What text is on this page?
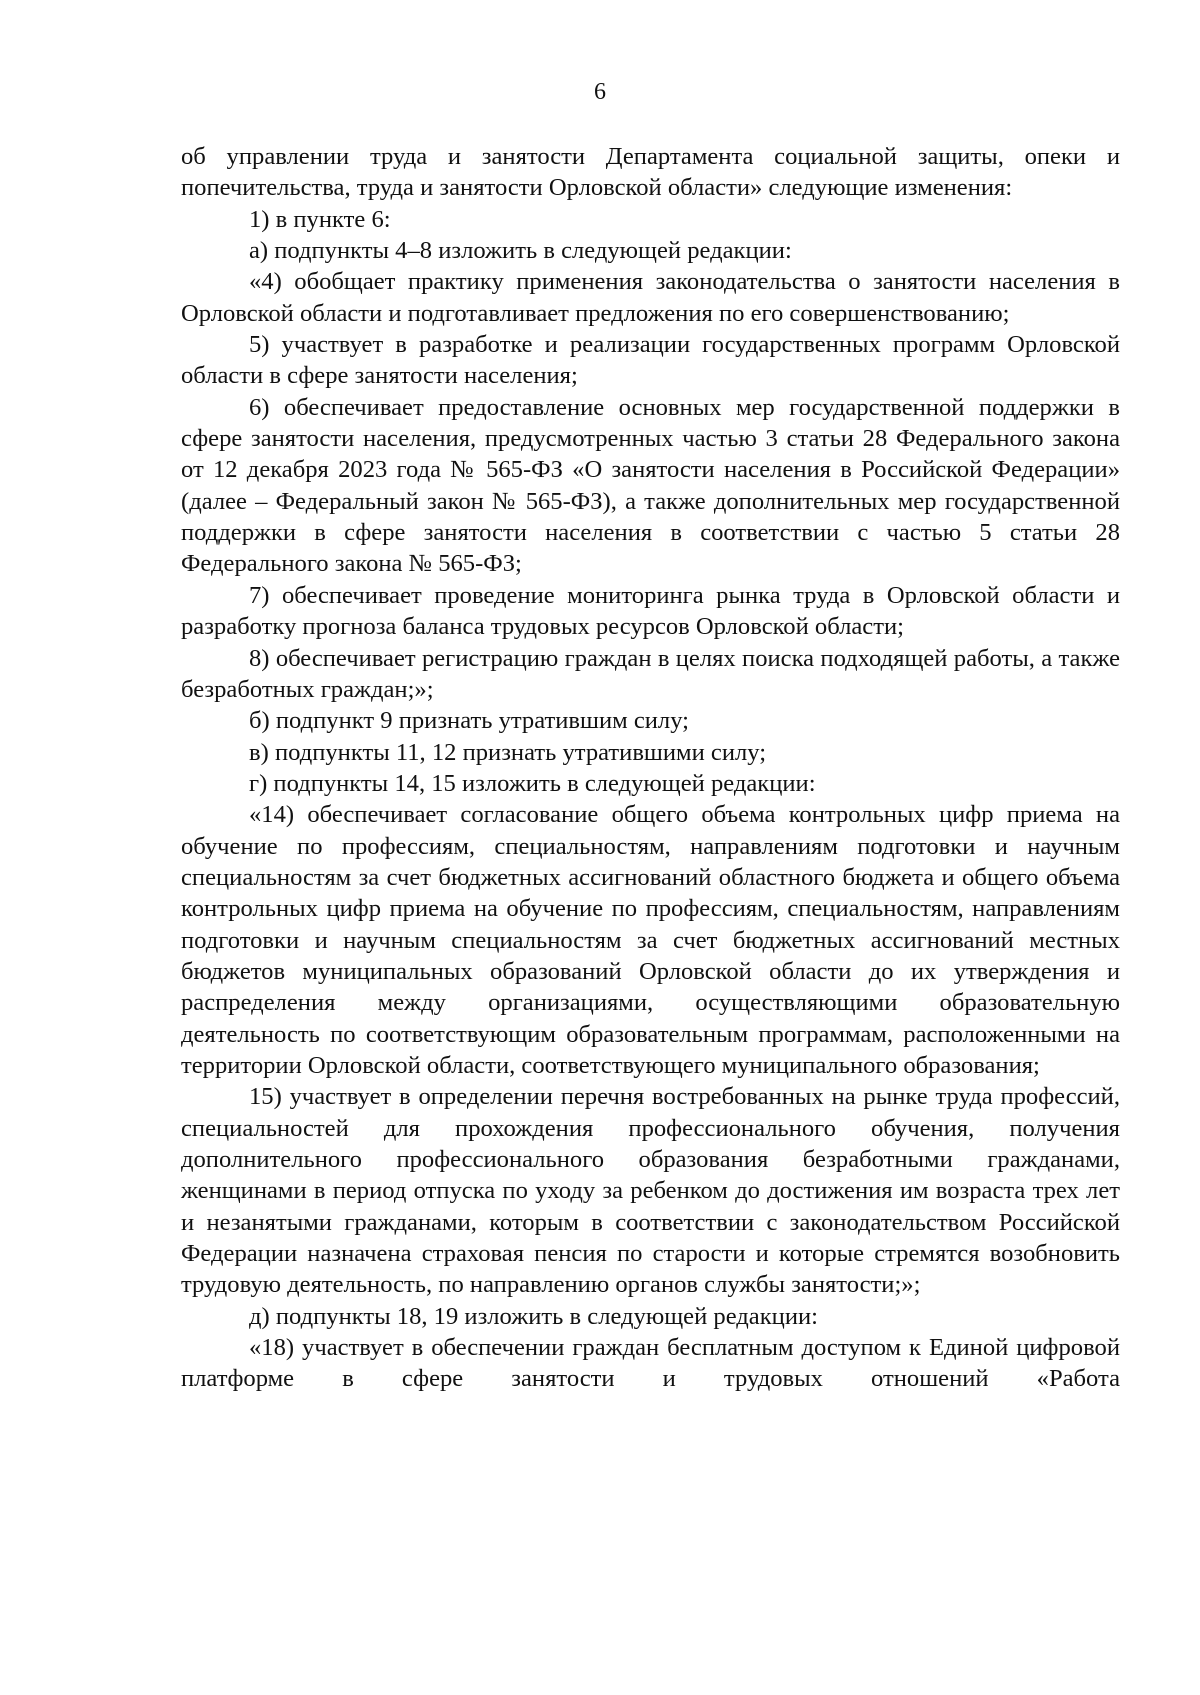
6

об управлении труда и занятости Департамента социальной защиты, опеки и попечительства, труда и занятости Орловской области» следующие изменения:

1) в пункте 6:

а) подпункты 4–8 изложить в следующей редакции:

«4) обобщает практику применения законодательства о занятости населения в Орловской области и подготавливает предложения по его совершенствованию;

5) участвует в разработке и реализации государственных программ Орловской области в сфере занятости населения;

6) обеспечивает предоставление основных мер государственной поддержки в сфере занятости населения, предусмотренных частью 3 статьи 28 Федерального закона от 12 декабря 2023 года № 565-ФЗ «О занятости населения в Российской Федерации» (далее – Федеральный закон № 565-ФЗ), а также дополнительных мер государственной поддержки в сфере занятости населения в соответствии с частью 5 статьи 28 Федерального закона № 565-ФЗ;

7) обеспечивает проведение мониторинга рынка труда в Орловской области и разработку прогноза баланса трудовых ресурсов Орловской области;

8) обеспечивает регистрацию граждан в целях поиска подходящей работы, а также безработных граждан;»;

б) подпункт 9 признать утратившим силу;

в) подпункты 11, 12 признать утратившими силу;

г) подпункты 14, 15 изложить в следующей редакции:

«14) обеспечивает согласование общего объема контрольных цифр приема на обучение по профессиям, специальностям, направлениям подготовки и научным специальностям за счет бюджетных ассигнований областного бюджета и общего объема контрольных цифр приема на обучение по профессиям, специальностям, направлениям подготовки и научным специальностям за счет бюджетных ассигнований местных бюджетов муниципальных образований Орловской области до их утверждения и распределения между организациями, осуществляющими образовательную деятельность по соответствующим образовательным программам, расположенными на территории Орловской области, соответствующего муниципального образования;

15) участвует в определении перечня востребованных на рынке труда профессий, специальностей для прохождения профессионального обучения, получения дополнительного профессионального образования безработными гражданами, женщинами в период отпуска по уходу за ребенком до достижения им возраста трех лет и незанятыми гражданами, которым в соответствии с законодательством Российской Федерации назначена страховая пенсия по старости и которые стремятся возобновить трудовую деятельность, по направлению органов службы занятости;»;

д) подпункты 18, 19 изложить в следующей редакции:

«18) участвует в обеспечении граждан бесплатным доступом к Единой цифровой платформе в сфере занятости и трудовых отношений «Работа
